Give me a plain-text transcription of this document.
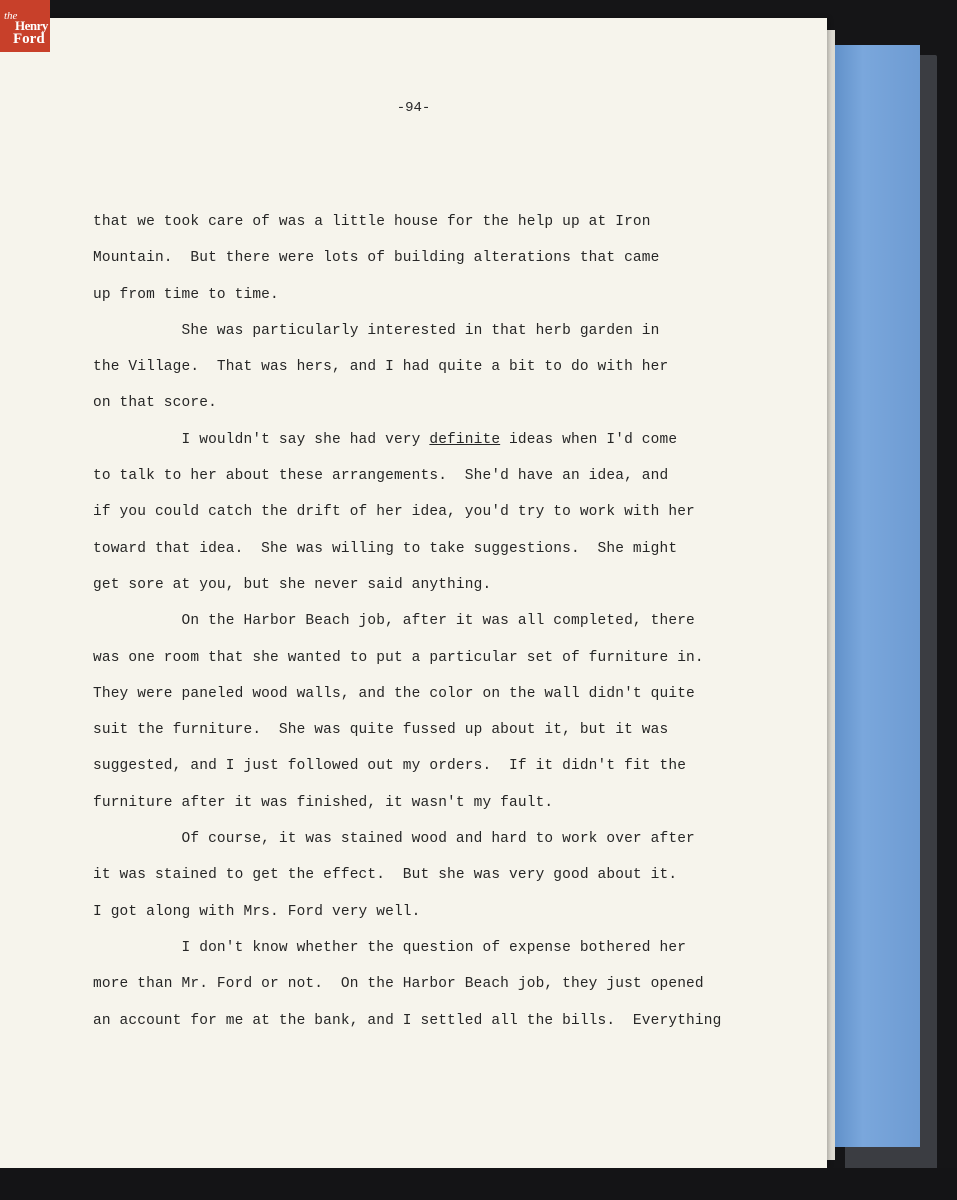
-94-
that we took care of was a little house for the help up at Iron
Mountain.  But there were lots of building alterations that came
up from time to time.
She was particularly interested in that herb garden in
the Village.  That was hers, and I had quite a bit to do with her
on that score.
I wouldn't say she had very definite ideas when I'd come
to talk to her about these arrangements.  She'd have an idea, and
if you could catch the drift of her idea, you'd try to work with her
toward that idea.  She was willing to take suggestions.  She might
get sore at you, but she never said anything.
On the Harbor Beach job, after it was all completed, there
was one room that she wanted to put a particular set of furniture in.
They were paneled wood walls, and the color on the wall didn't quite
suit the furniture.  She was quite fussed up about it, but it was
suggested, and I just followed out my orders.  If it didn't fit the
furniture after it was finished, it wasn't my fault.
Of course, it was stained wood and hard to work over after
it was stained to get the effect.  But she was very good about it.
I got along with Mrs. Ford very well.
I don't know whether the question of expense bothered her
more than Mr. Ford or not.  On the Harbor Beach job, they just opened
an account for me at the bank, and I settled all the bills.  Everything
the
Henry
Ford
